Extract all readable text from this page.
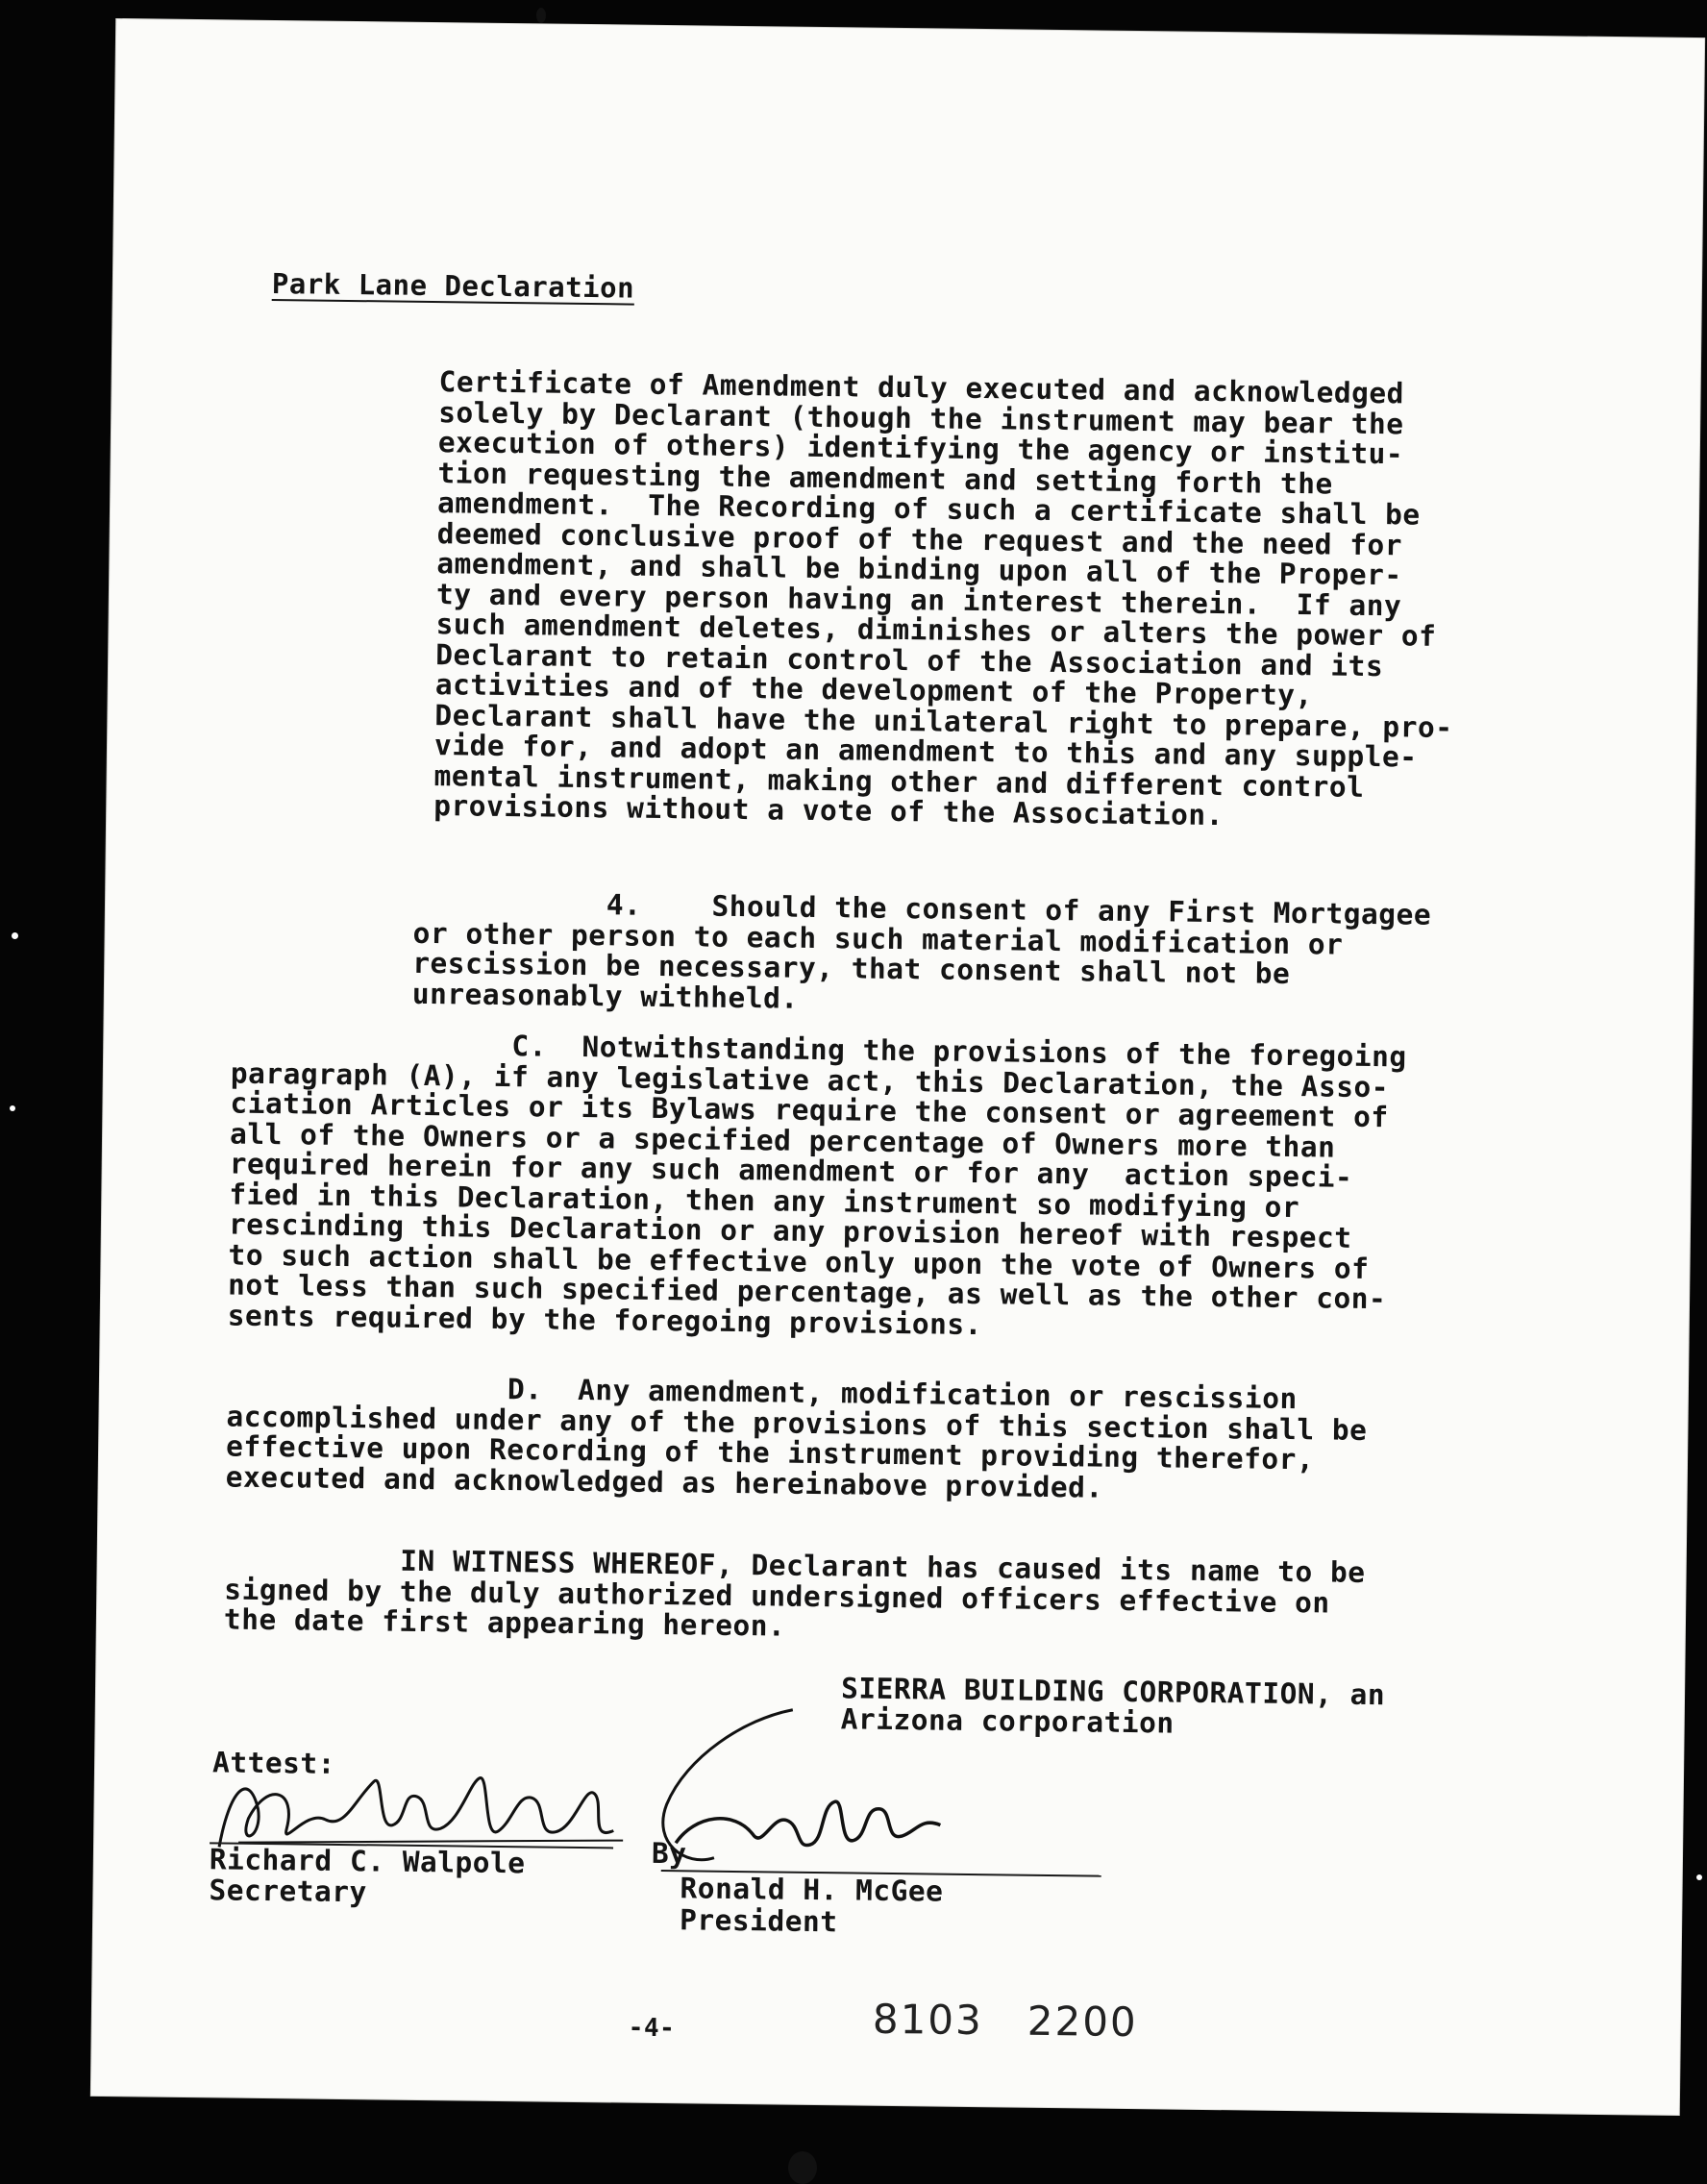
Park Lane Declaration
Certificate of Amendment duly executed and acknowledged
solely by Declarant (though the instrument may bear the
execution of others) identifying the agency or institu-
tion requesting the amendment and setting forth the
amendment.  The Recording of such a certificate shall be
deemed conclusive proof of the request and the need for
amendment, and shall be binding upon all of the Proper-
ty and every person having an interest therein.  If any
such amendment deletes, diminishes or alters the power of
Declarant to retain control of the Association and its
activities and of the development of the Property,
Declarant shall have the unilateral right to prepare, pro-
vide for, and adopt an amendment to this and any supple-
mental instrument, making other and different control
provisions without a vote of the Association.
4.    Should the consent of any First Mortgagee
or other person to each such material modification or
rescission be necessary, that consent shall not be
unreasonably withheld.
C.  Notwithstanding the provisions of the foregoing
paragraph (A), if any legislative act, this Declaration, the Asso-
ciation Articles or its Bylaws require the consent or agreement of
all of the Owners or a specified percentage of Owners more than
required herein for any such amendment or for any  action speci-
fied in this Declaration, then any instrument so modifying or
rescinding this Declaration or any provision hereof with respect
to such action shall be effective only upon the vote of Owners of
not less than such specified percentage, as well as the other con-
sents required by the foregoing provisions.
D.  Any amendment, modification or rescission
accomplished under any of the provisions of this section shall be
effective upon Recording of the instrument providing therefor,
executed and acknowledged as hereinabove provided.
IN WITNESS WHEREOF, Declarant has caused its name to be
signed by the duly authorized undersigned officers effective on
the date first appearing hereon.
SIERRA BUILDING CORPORATION, an
Arizona corporation
Attest:
Richard C. Walpole
Secretary
By
Ronald H. McGee
President
-4-	8103   2200
